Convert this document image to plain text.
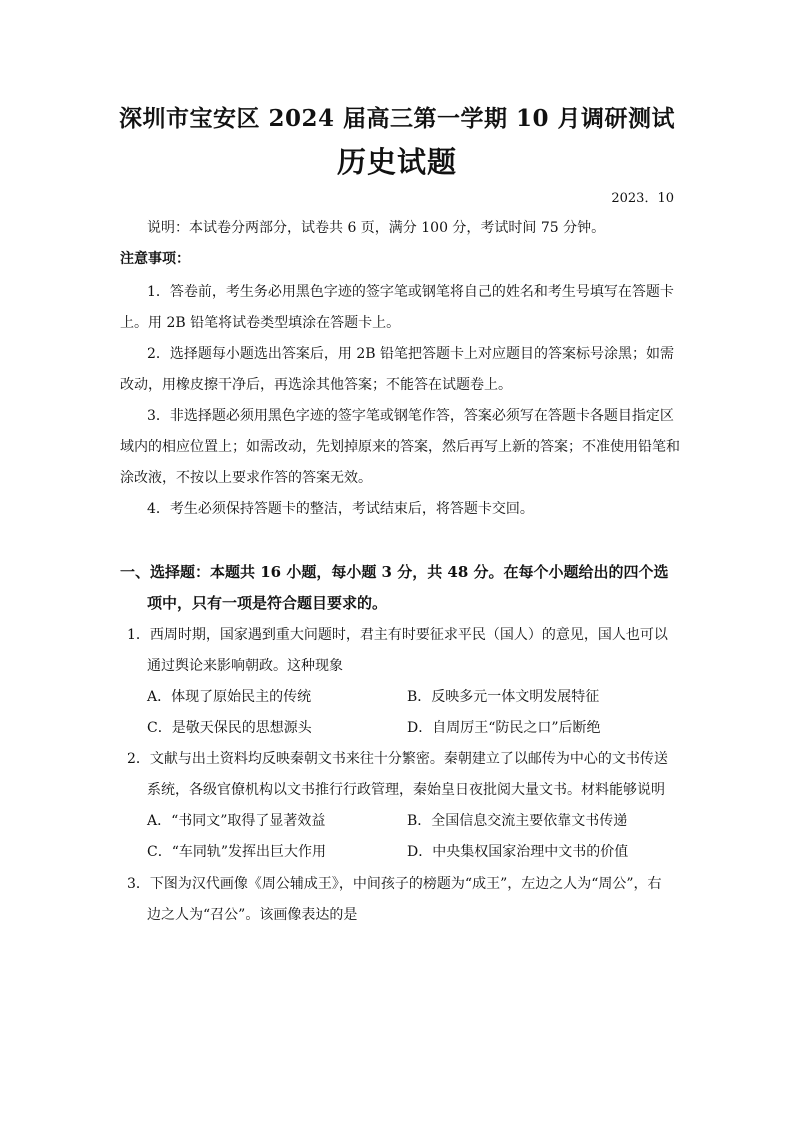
深圳市宝安区 2024 届高三第一学期 10 月调研测试
历史试题
2023．10
说明：本试卷分两部分，试卷共 6 页，满分 100 分，考试时间 75 分钟。
注意事项：
1．答卷前，考生务必用黑色字迹的签字笔或钢笔将自己的姓名和考生号填写在答题卡
上。用 2B 铅笔将试卷类型填涂在答题卡上。
2．选择题每小题选出答案后，用 2B 铅笔把答题卡上对应题目的答案标号涂黑；如需
改动，用橡皮擦干净后，再选涂其他答案；不能答在试题卷上。
3．非选择题必须用黑色字迹的签字笔或钢笔作答，答案必须写在答题卡各题目指定区
域内的相应位置上；如需改动，先划掉原来的答案，然后再写上新的答案；不准使用铅笔和
涂改液，不按以上要求作答的答案无效。
4．考生必须保持答题卡的整洁，考试结束后，将答题卡交回。
一、选择题：本题共 16 小题，每小题 3 分，共 48 分。在每个小题给出的四个选
项中，只有一项是符合题目要求的。
1．西周时期，国家遇到重大问题时，君主有时要征求平民（国人）的意见，国人也可以
通过舆论来影响朝政。这种现象
A．体现了原始民主的传统	B．反映多元一体文明发展特征
C．是敬天保民的思想源头	D．自周厉王“防民之口”后断绝
2．文献与出土资料均反映秦朝文书来往十分繁密。秦朝建立了以邮传为中心的文书传送
系统，各级官僚机构以文书推行行政管理，秦始皇日夜批阅大量文书。材料能够说明
A．“书同文”取得了显著效益	B．全国信息交流主要依靠文书传递
C．“车同轨”发挥出巨大作用	D．中央集权国家治理中文书的价值
3．下图为汉代画像《周公辅成王》，中间孩子的榜题为“成王”，左边之人为“周公”，右
边之人为“召公”。该画像表达的是
